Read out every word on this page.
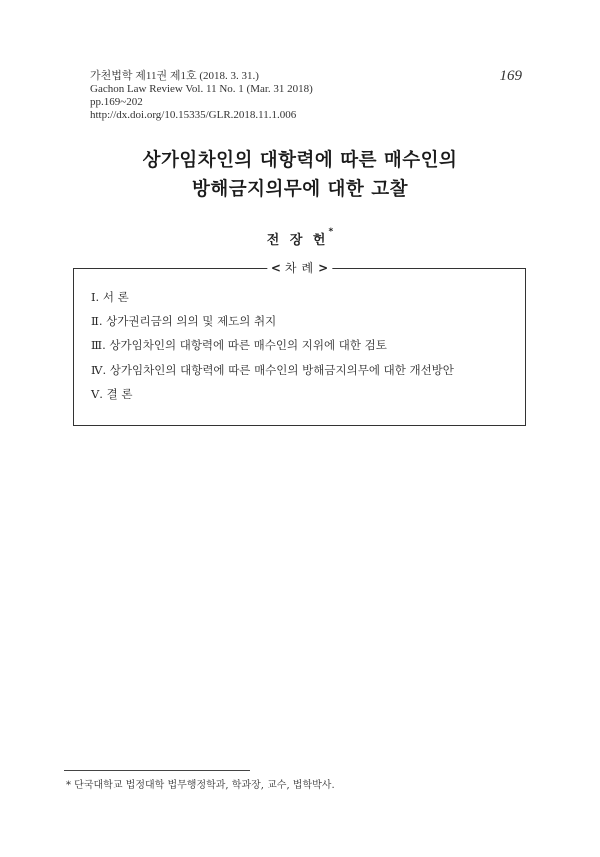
가천법학 제11권 제1호 (2018. 3. 31.)
Gachon Law Review Vol. 11 No. 1 (Mar. 31 2018)
pp.169~202
http://dx.doi.org/10.15335/GLR.2018.11.1.006
169
상가임차인의 대항력에 따른 매수인의
방해금지의무에 대한 고찰
전 장 헌*
< 차례>
Ⅰ. 서 론
Ⅱ. 상가권리금의 의의 및 제도의 취지
Ⅲ. 상가임차인의 대항력에 따른 매수인의 지위에 대한 검토
Ⅳ. 상가임차인의 대항력에 따른 매수인의 방해금지의무에 대한 개선방안
Ⅴ. 결 론
* 단국대학교 법정대학 법무행정학과, 학과장, 교수, 법학박사.
